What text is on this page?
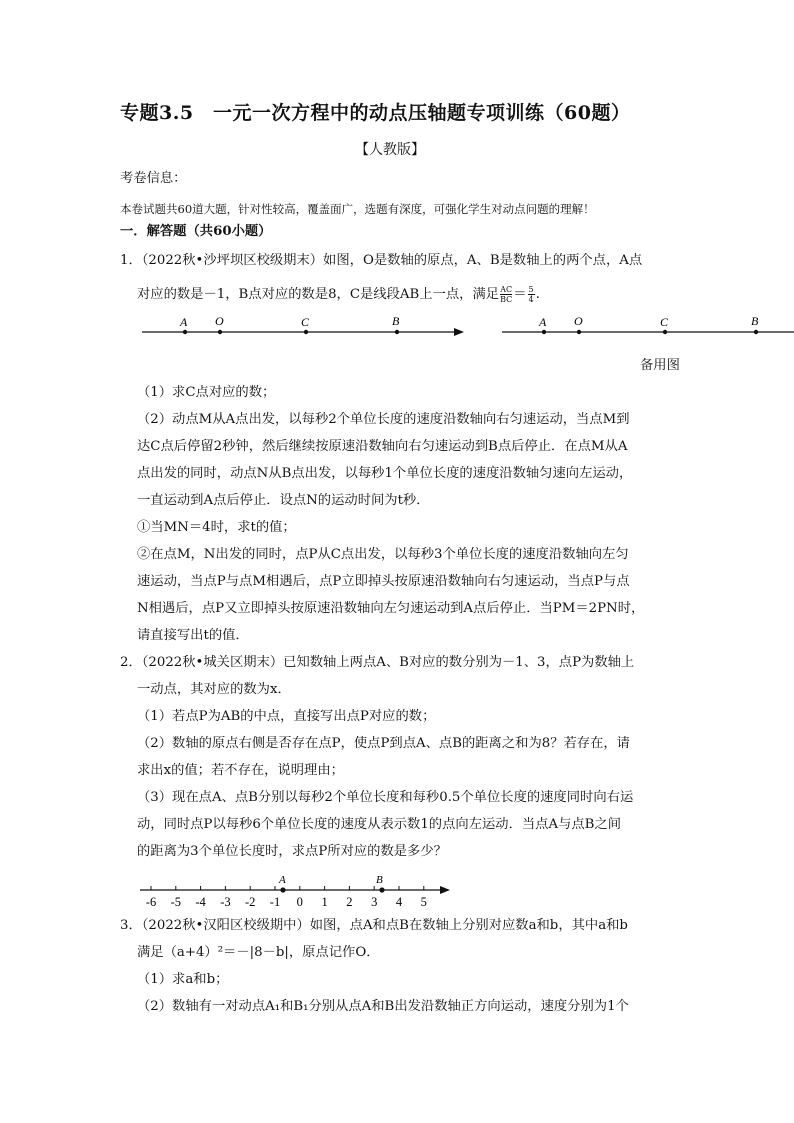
专题3.5　一元一次方程中的动点压轴题专项训练（60题）
【人教版】
考卷信息：
本卷试题共60道大题，针对性较高，覆盖面广，选题有深度，可强化学生对动点问题的理解！
一．解答题（共60小题）
1．（2022秋•沙坪坝区校级期末）如图，O是数轴的原点，A、B是数轴上的两个点，A点
对应的数是－1，B点对应的数是8，C是线段AB上一点，满足 $\frac{AC}{BC} = \frac{5}{4}$ .
A O	C	B	A O	C	B
备用图
（1）求C点对应的数；
（2）动点M从A点出发，以每秒2个单位长度的速度沿数轴向右匀速运动，当点M到
达C点后停留2秒钟，然后继续按原速沿数轴向右匀速运动到B点后停止．在点M从A
点出发的同时，动点N从B点出发，以每秒1个单位长度的速度沿数轴匀速向左运动，
一直运动到A点后停止．设点N的运动时间为t秒．
①当MN＝4时，求t的值；
②在点M，N出发的同时，点P从C点出发，以每秒3个单位长度的速度沿数轴向左匀
速运动，当点P与点M相遇后，点P立即掉头按原速沿数轴向右匀速运动，当点P与点
N相遇后，点P又立即掉头按原速沿数轴向左匀速运动到A点后停止．当PM＝2PN时，
请直接写出t的值．
2．（2022秋•城关区期末）已知数轴上两点A、B对应的数分别为－1、3，点P为数轴上
一动点，其对应的数为x．
（1）若点P为AB的中点，直接写出点P对应的数；
（2）数轴的原点右侧是否存在点P，使点P到点A、点B的距离之和为8？若存在，请
求出x的值；若不存在，说明理由；
（3）现在点A、点B分别以每秒2个单位长度和每秒0.5个单位长度的速度同时向右运
动，同时点P以每秒6个单位长度的速度从表示数1的点向左运动．当点A与点B之间
的距离为3个单位长度时，求点P所对应的数是多少？
-6 -5 -4 -3 -2 -1 0 1 2 3 4 5
A	B
3．（2022秋•汉阳区校级期中）如图，点A和点B在数轴上分别对应数a和b，其中a和b
满足（a+4）²＝－|8－b|，原点记作O．
（1）求a和b；
（2）数轴有一对动点A₁和B₁分别从点A和B出发沿数轴正方向运动，速度分别为1个
